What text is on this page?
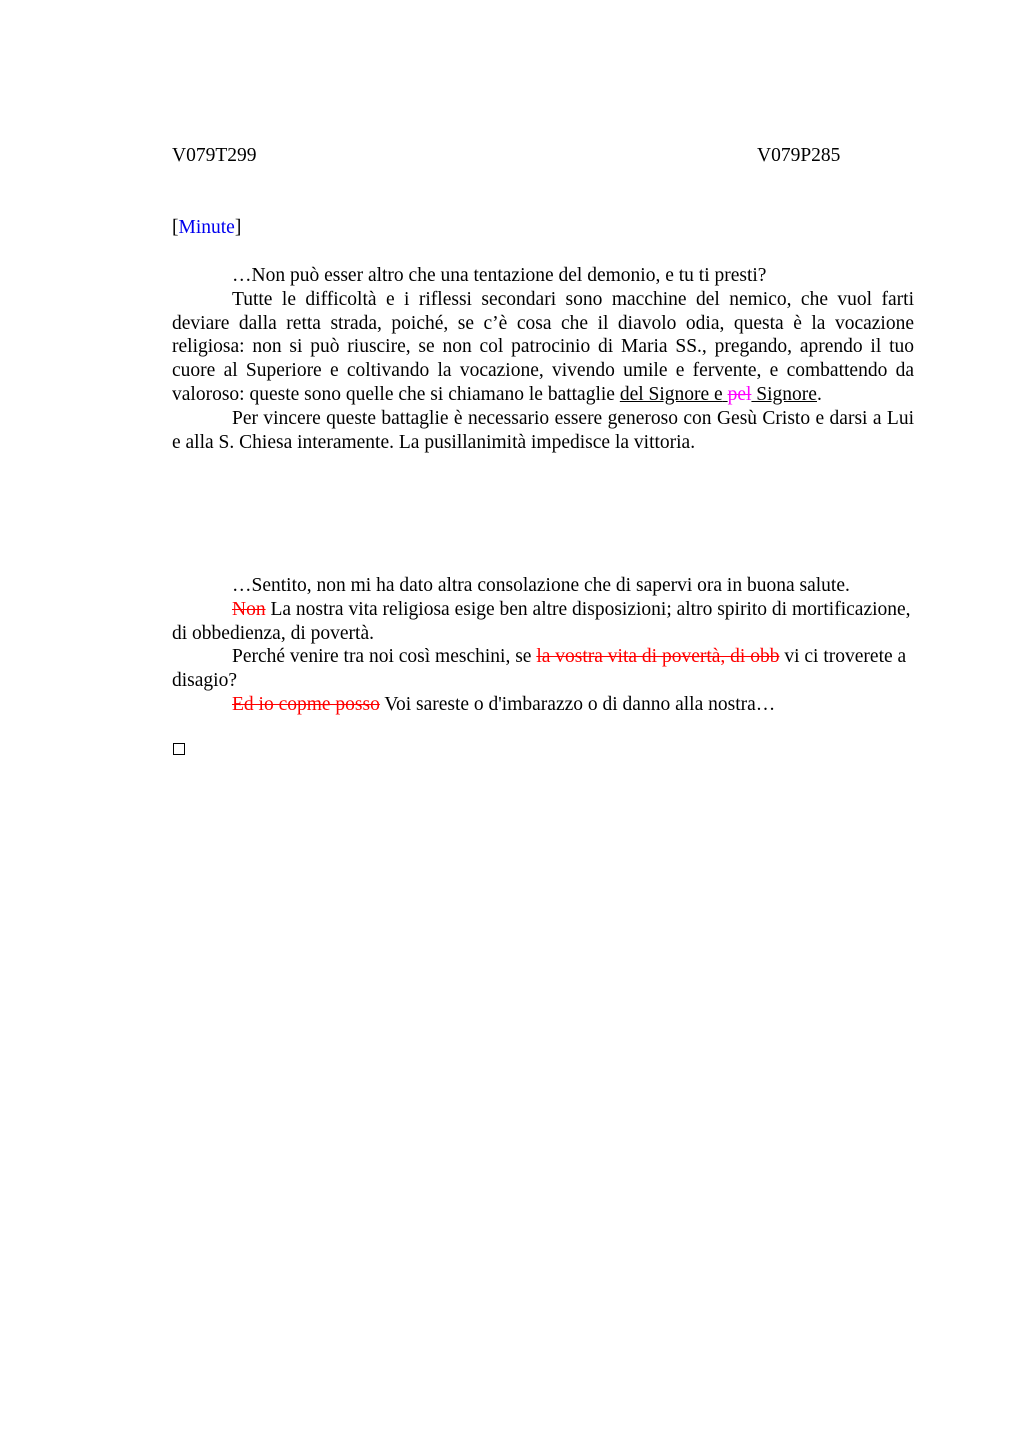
V079T299	V079P285
[Minute]

…Non può esser altro che una tentazione del demonio, e tu ti presti?

Tutte le difficoltà e i riflessi secondari sono macchine del nemico, che vuol farti deviare dalla retta strada, poiché, se c’è cosa che il diavolo odia, questa è la vocazione religiosa: non si può riuscire, se non col patrocinio di Maria SS., pregando, aprendo il tuo cuore al Superiore e coltivando la vocazione, vivendo umile e fervente, e combattendo da valoroso: queste sono quelle che si chiamano le battaglie del Signore e pel Signore.

Per vincere queste battaglie è necessario essere generoso con Gesù Cristo e darsi a Lui e alla S. Chiesa interamente. La pusillanimità impedisce la vittoria.

…Sentito, non mi ha dato altra consolazione che di sapervi ora in buona salute.

Non La nostra vita religiosa esige ben altre disposizioni; altro spirito di mortificazione, di obbedienza, di povertà.

Perché venire tra noi così meschini, se la vostra vita di povertà, di obb vi ci troverete a disagio?

Ed io copme posso Voi sareste o d'imbarazzo o di danno alla nostra…
